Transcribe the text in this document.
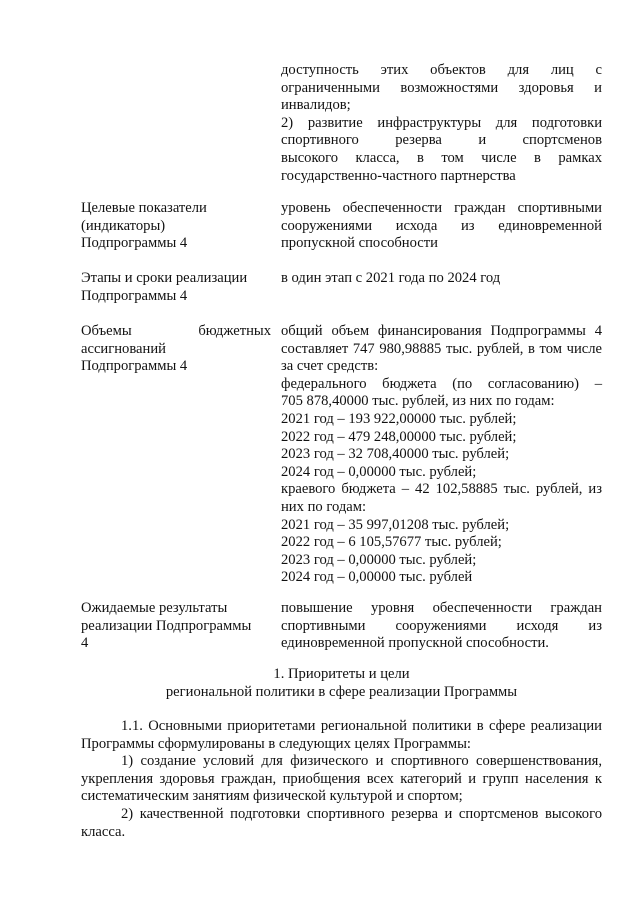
доступность этих объектов для лиц с
ограниченными возможностями здоровья и
инвалидов;
2) развитие инфраструктуры для подготовки
спортивного резерва и спортсменов
высокого класса, в том числе в рамках
государственно-частного партнерства
Целевые показатели
(индикаторы)
Подпрограммы 4
уровень обеспеченности граждан спортивными
сооружениями исхода из единовременной
пропускной способности
Этапы и сроки реализации
Подпрограммы 4
в один этап с 2021 года по 2024 год
Объемы бюджетных
ассигнований
Подпрограммы 4
общий объем финансирования Подпрограммы 4
составляет 747 980,98885 тыс. рублей, в том числе
за счет средств:
федерального бюджета (по согласованию) –
705 878,40000 тыс. рублей, из них по годам:
2021 год – 193 922,00000 тыс. рублей;
2022 год – 479 248,00000 тыс. рублей;
2023 год – 32 708,40000 тыс. рублей;
2024 год – 0,00000 тыс. рублей;
краевого бюджета – 42 102,58885 тыс. рублей, из
них по годам:
2021 год – 35 997,01208 тыс. рублей;
2022 год – 6 105,57677 тыс. рублей;
2023 год – 0,00000 тыс. рублей;
2024 год – 0,00000 тыс. рублей
Ожидаемые результаты
реализации Подпрограммы
4
повышение уровня обеспеченности граждан
спортивными сооружениями исходя из
единовременной пропускной способности.
1. Приоритеты и цели
региональной политики в сфере реализации Программы

1.1. Основными приоритетами региональной политики в сфере реализации Программы сформулированы в следующих целях Программы:

1) создание условий для физического и спортивного совершенствования, укрепления здоровья граждан, приобщения всех категорий и групп населения к систематическим занятиям физической культурой и спортом;

2) качественной подготовки спортивного резерва и спортсменов высокого класса.
